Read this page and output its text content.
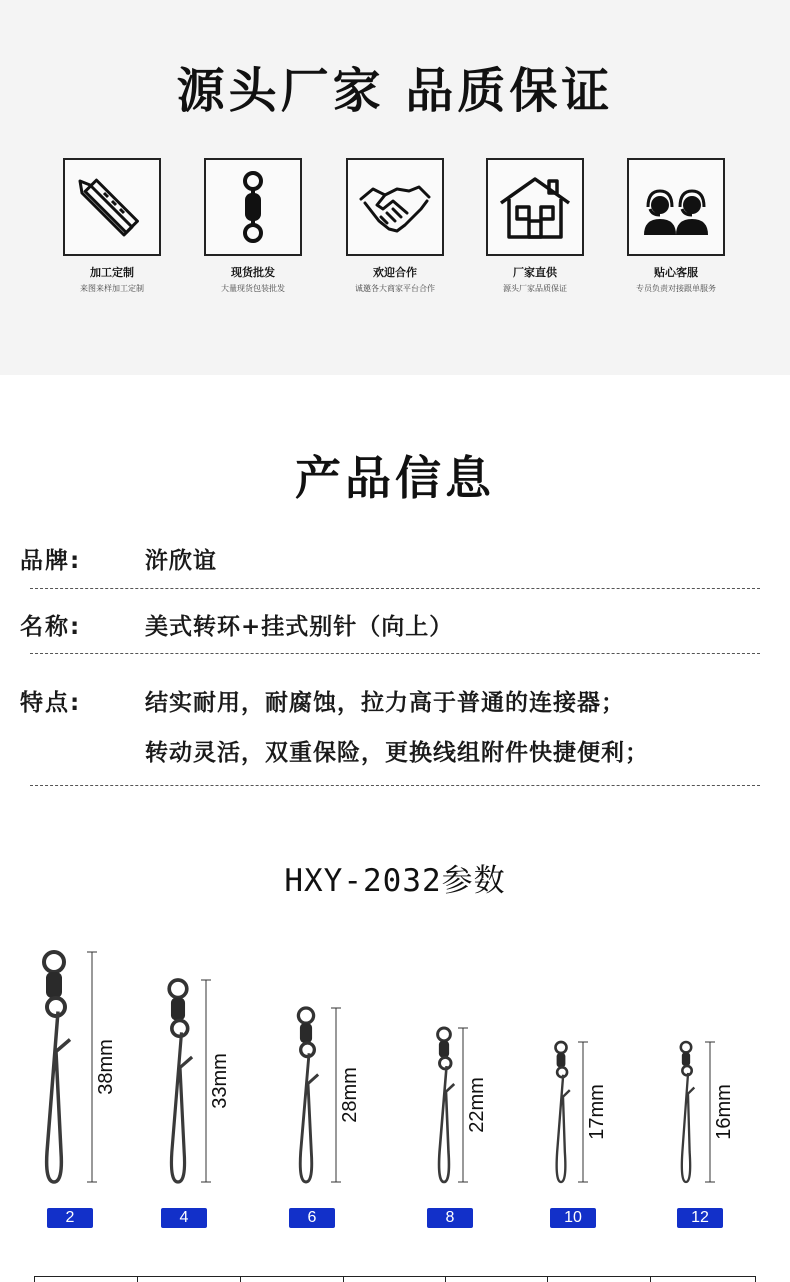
源头厂家 品质保证
加工定制
来图来样加工定制
现货批发
大量现货包装批发
欢迎合作
诚邀各大商家平台合作
厂家直供
源头厂家品质保证
贴心客服
专员负责对接跟单服务
产品信息
品牌:	浒欣谊
名称:	美式转环+挂式别针（向上）
特点:	结实耐用，耐腐蚀，拉力高于普通的连接器；
转动灵活，双重保险，更换线组附件快捷便利；
HXY-2032参数
38mm	33mm	28mm	22mm	17mm	16mm
2	4	6	8	10	12
